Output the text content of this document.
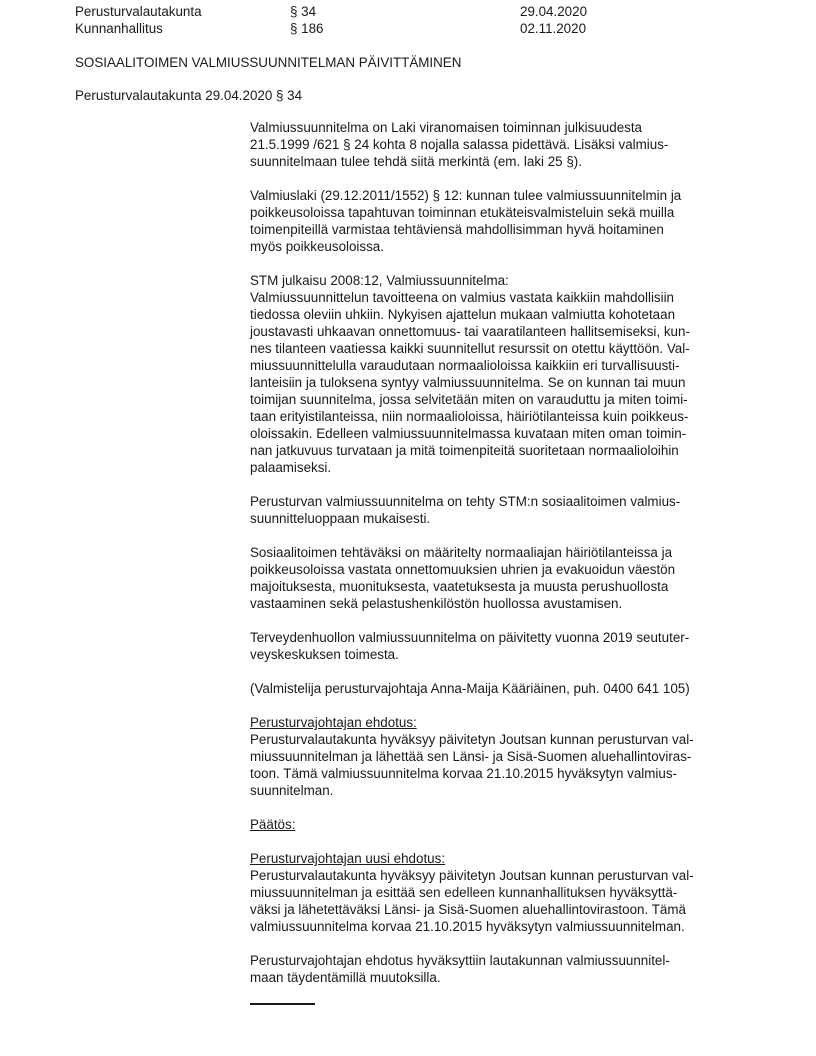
Perusturvalautakunta	§ 34	29.04.2020
Kunnanhallitus	§ 186	02.11.2020
SOSIAALITOIMEN VALMIUSSUUNNITELMAN PÄIVITTÄMINEN
Perusturvalautakunta 29.04.2020 § 34
Valmiussuunnitelma on Laki viranomaisen toiminnan julkisuudesta
21.5.1999 /621 § 24 kohta 8 nojalla salassa pidettävä. Lisäksi valmius-
suunnitelmaan tulee tehdä siitä merkintä (em. laki 25 §).
Valmiuslaki (29.12.2011/1552) § 12: kunnan tulee valmiussuunnitelmin ja
poikkeusoloissa tapahtuvan toiminnan etukäteisvalmisteluin sekä muilla
toimenpiteillä varmistaa tehtäviensä mahdollisimman hyvä hoitaminen
myös poikkeusoloissa.
STM julkaisu 2008:12, Valmiussuunnitelma:
Valmiussuunnittelun tavoitteena on valmius vastata kaikkiin mahdollisiin
tiedossa oleviin uhkiin. Nykyisen ajattelun mukaan valmiutta kohotetaan
joustavasti uhkaavan onnettomuus- tai vaaratilanteen hallitsemiseksi, kun-
nes tilanteen vaatiessa kaikki suunnitellut resurssit on otettu käyttöön. Val-
miussuunnittelulla varaudutaan normaalioloissa kaikkiin eri turvallisuusti-
lanteisiin ja tuloksena syntyy valmiussuunnitelma. Se on kunnan tai muun
toimijan suunnitelma, jossa selvitetään miten on varauduttu ja miten toimi-
taan erityistilanteissa, niin normaalioloissa, häiriötilanteissa kuin poikkeus-
oloissakin. Edelleen valmiussuunnitelmassa kuvataan miten oman toimin-
nan jatkuvuus turvataan ja mitä toimenpiteitä suoritetaan normaalioloihin
palaamiseksi.
Perusturvan valmiussuunnitelma on tehty STM:n sosiaalitoimen valmius-
suunnitteluoppaan mukaisesti.
Sosiaalitoimen tehtäväksi on määritelty normaaliajan häiriötilanteissa ja
poikkeusoloissa vastata onnettomuuksien uhrien ja evakuoidun väestön
majoituksesta, muonituksesta, vaatetuksesta ja muusta perushuollosta
vastaaminen sekä pelastushenkilöstön huollossa avustamisen.
Terveydenhuollon valmiussuunnitelma on päivitetty vuonna 2019 seututer-
veyskeskuksen toimesta.
(Valmistelija perusturvajohtaja Anna-Maija Kääriäinen, puh. 0400 641 105)
Perusturvajohtajan ehdotus:
Perusturvalautakunta hyväksyy päivitetyn Joutsan kunnan perusturvan val-
miussuunnitelman ja lähettää sen Länsi- ja Sisä-Suomen aluehallintoviras-
toon. Tämä valmiussuunnitelma korvaa 21.10.2015 hyväksytyn valmius-
suunnitelman.
Päätös:
Perusturvajohtajan uusi ehdotus:
Perusturvalautakunta hyväksyy päivitetyn Joutsan kunnan perusturvan val-
miussuunnitelman ja esittää sen edelleen kunnanhallituksen hyväksyttä-
väksi ja lähetettäväksi Länsi- ja Sisä-Suomen aluehallintovirastoon. Tämä
valmiussuunnitelma korvaa 21.10.2015 hyväksytyn valmiussuunnitelman.
Perusturvajohtajan ehdotus hyväksyttiin lautakunnan valmiussuunnitel-
maan täydentämillä muutoksilla.
